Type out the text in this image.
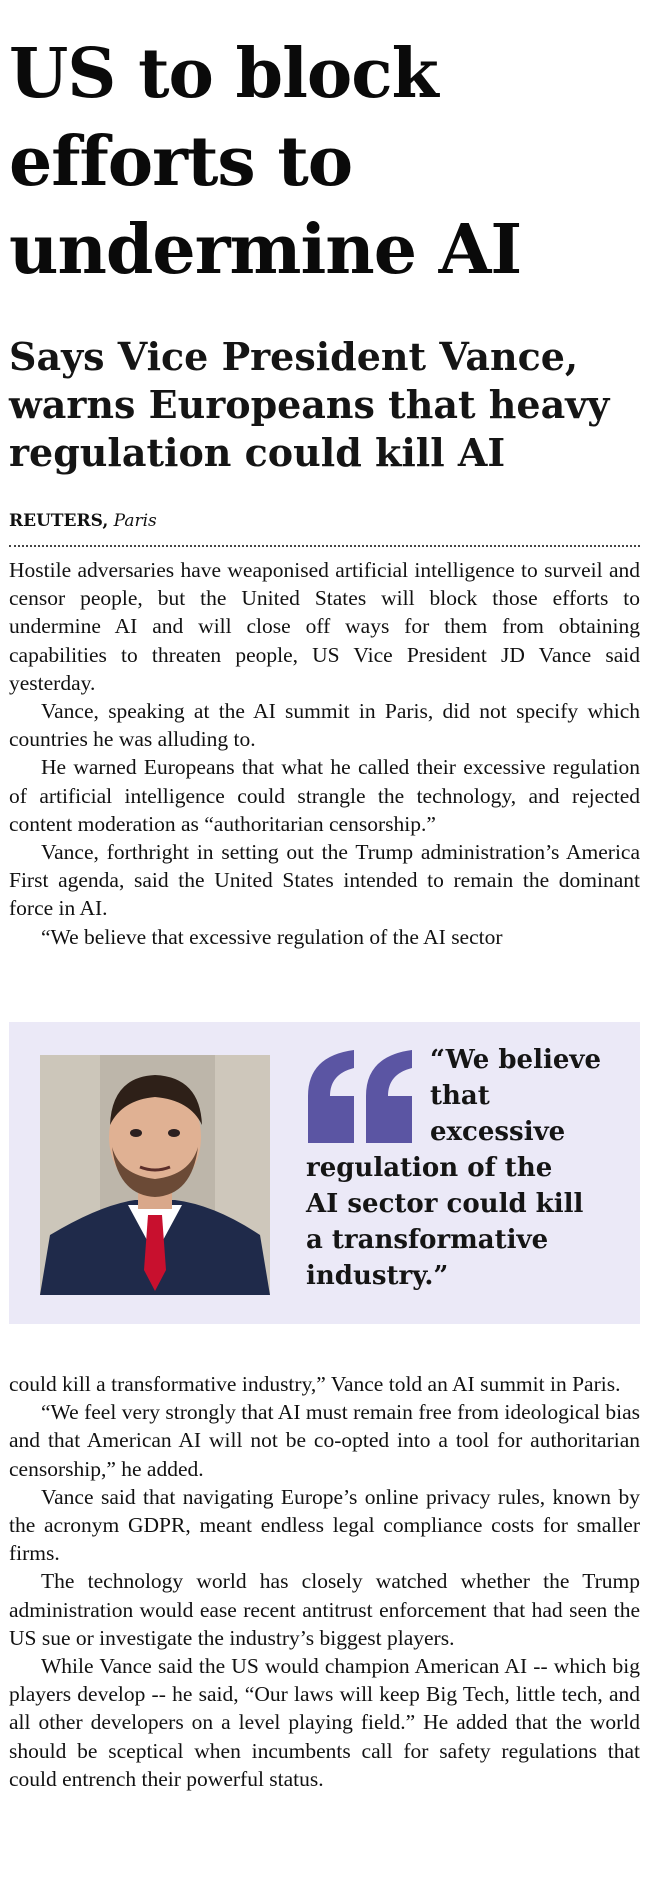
US to block
efforts to
undermine AI
Says Vice President Vance,
warns Europeans that heavy
regulation could kill AI
REUTERS, Paris

Hostile adversaries have weaponised artificial intelligence to surveil and censor people, but the United States will block those efforts to undermine AI and will close off ways for them from obtaining capabilities to threaten people, US Vice President JD Vance said yesterday.

Vance, speaking at the AI summit in Paris, did not specify which countries he was alluding to.

He warned Europeans that what he called their excessive regulation of artificial intelligence could strangle the technology, and rejected content moderation as “authoritarian censorship.”

Vance, forthright in setting out the Trump administration’s America First agenda, said the United States intended to remain the dominant force in AI.

“We believe that excessive regulation of the AI sector

“We believe
that
excessive
regulation of the
AI sector could kill
a transformative
industry.”

could kill a transformative industry,” Vance told an AI summit in Paris.

“We feel very strongly that AI must remain free from ideological bias and that American AI will not be co-opted into a tool for authoritarian censorship,” he added.

Vance said that navigating Europe’s online privacy rules, known by the acronym GDPR, meant endless legal compliance costs for smaller firms.

The technology world has closely watched whether the Trump administration would ease recent antitrust enforcement that had seen the US sue or investigate the industry’s biggest players.

While Vance said the US would champion American AI -- which big players develop -- he said, “Our laws will keep Big Tech, little tech, and all other developers on a level playing field.” He added that the world should be sceptical when incumbents call for safety regulations that could entrench their powerful status.
